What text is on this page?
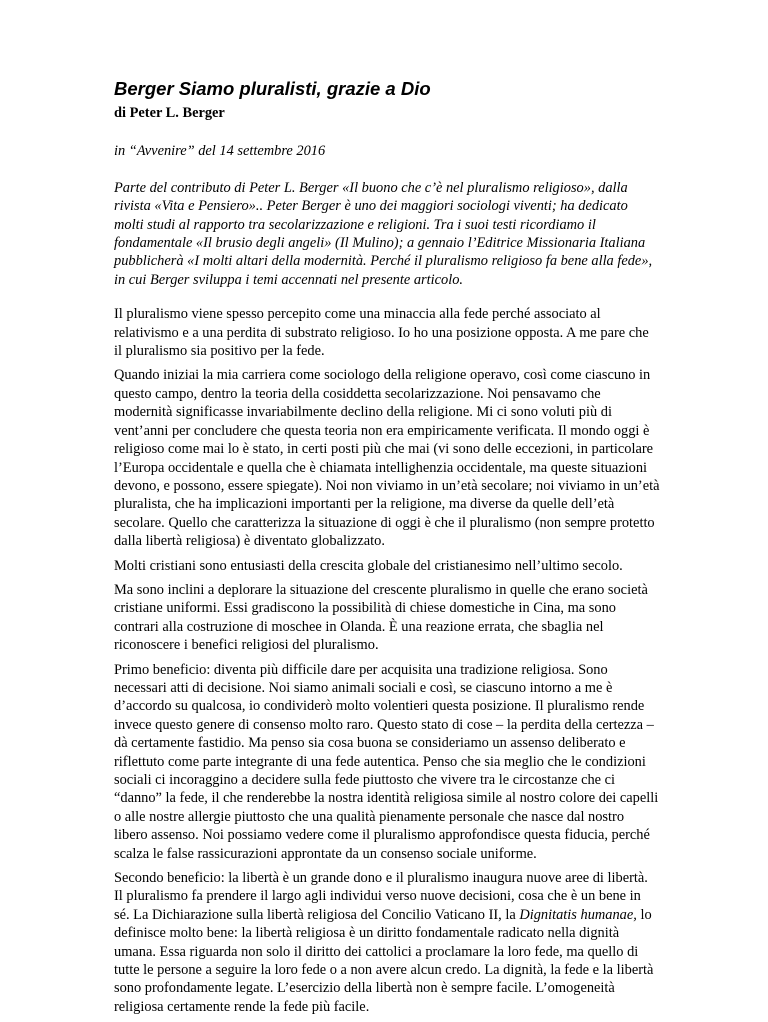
Berger Siamo pluralisti, grazie a Dio
di Peter L. Berger
in “Avvenire” del 14 settembre 2016
Parte del contributo di Peter L. Berger «Il buono che c’è nel pluralismo religioso», dalla rivista «Vita e Pensiero».. Peter Berger è uno dei maggiori sociologi viventi; ha dedicato molti studi al rapporto tra secolarizzazione e religioni. Tra i suoi testi ricordiamo il fondamentale «Il brusio degli angeli» (Il Mulino); a gennaio l’Editrice Missionaria Italiana pubblicherà «I molti altari della modernità. Perché il pluralismo religioso fa bene alla fede», in cui Berger sviluppa i temi accennati nel presente articolo.

Il pluralismo viene spesso percepito come una minaccia alla fede perché associato al relativismo e a una perdita di substrato religioso. Io ho una posizione opposta. A me pare che il pluralismo sia positivo per la fede.

Quando iniziai la mia carriera come sociologo della religione operavo, così come ciascuno in questo campo, dentro la teoria della cosiddetta secolarizzazione. Noi pensavamo che modernità significasse invariabilmente declino della religione. Mi ci sono voluti più di vent’anni per concludere che questa teoria non era empiricamente verificata. Il mondo oggi è religioso come mai lo è stato, in certi posti più che mai (vi sono delle eccezioni, in particolare l’Europa occidentale e quella che è chiamata intellighenzia occidentale, ma queste situazioni devono, e possono, essere spiegate). Noi non viviamo in un’età secolare; noi viviamo in un’età pluralista, che ha implicazioni importanti per la religione, ma diverse da quelle dell’età secolare. Quello che caratterizza la situazione di oggi è che il pluralismo (non sempre protetto dalla libertà religiosa) è diventato globalizzato.

Molti cristiani sono entusiasti della crescita globale del cristianesimo nell’ultimo secolo.

Ma sono inclini a deplorare la situazione del crescente pluralismo in quelle che erano società cristiane uniformi. Essi gradiscono la possibilità di chiese domestiche in Cina, ma sono contrari alla costruzione di moschee in Olanda. È una reazione errata, che sbaglia nel riconoscere i benefici religiosi del pluralismo.

Primo beneficio: diventa più difficile dare per acquisita una tradizione religiosa. Sono necessari atti di decisione. Noi siamo animali sociali e così, se ciascuno intorno a me è d’accordo su qualcosa, io condividerò molto volentieri questa posizione. Il pluralismo rende invece questo genere di consenso molto raro. Questo stato di cose – la perdita della certezza – dà certamente fastidio. Ma penso sia cosa buona se consideriamo un assenso deliberato e riflettuto come parte integrante di una fede autentica. Penso che sia meglio che le condizioni sociali ci incoraggino a decidere sulla fede piuttosto che vivere tra le circostanze che ci “danno” la fede, il che renderebbe la nostra identità religiosa simile al nostro colore dei capelli o alle nostre allergie piuttosto che una qualità pienamente personale che nasce dal nostro libero assenso. Noi possiamo vedere come il pluralismo approfondisce questa fiducia, perché scalza le false rassicurazioni approntate da un consenso sociale uniforme.

Secondo beneficio: la libertà è un grande dono e il pluralismo inaugura nuove aree di libertà. Il pluralismo fa prendere il largo agli individui verso nuove decisioni, cosa che è un bene in sé. La Dichiarazione sulla libertà religiosa del Concilio Vaticano II, la Dignitatis humanae, lo definisce molto bene: la libertà religiosa è un diritto fondamentale radicato nella dignità umana. Essa riguarda non solo il diritto dei cattolici a proclamare la loro fede, ma quello di tutte le persone a seguire la loro fede o a non avere alcun credo. La dignità, la fede e la libertà sono profondamente legate. L’esercizio della libertà non è sempre facile. L’omogeneità religiosa certamente rende la fede più facile.
